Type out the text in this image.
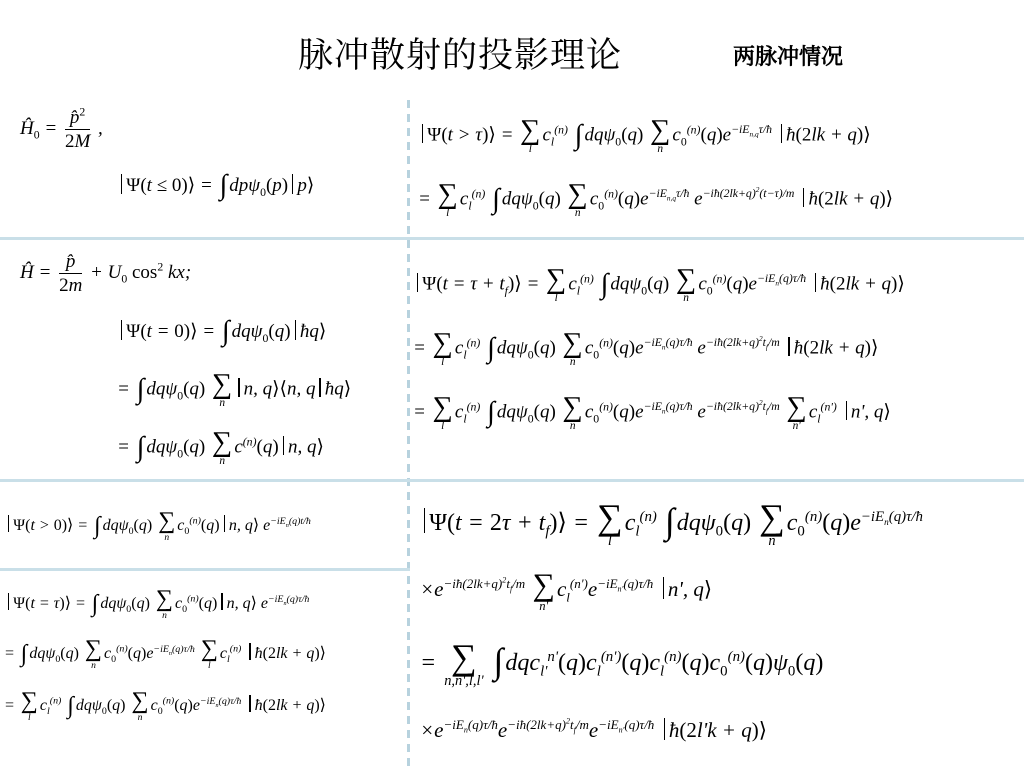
脉冲散射的投影理论	两脉冲情况
$Ĥ_0 = \frac{p̂^2}{2M}$ ,
Ψ(t ≤ 0)⟩ = ∫ dpψ$_0$(p) p⟩
Ψ(t > τ)⟩ = ∑
l
$c_l^{(n)}$ ∫ dqψ$_0$(q) ∑
n
$c_0^{(n)}(q)e^{-iE_{n,q}\tau/ħ}$ ħ(2lk + q)⟩
= ∑
l
$c_l^{(n)}$ ∫ dqψ$_0$(q) ∑
n
$c_0^{(n)}(q)e^{-iE_{n,q}\tau/ħ}$ $e^{-iħ(2lk+q)^2(t-\tau)/m}$ ħ(2lk + q)⟩
Ĥ = $\frac{p̂}{2m} + U_0$ $\cos^2$ kx;
Ψ(t = 0)⟩ = ∫ dqψ$_0$(q) ħq⟩
= ∫ dqψ$_0$(q) ∑
n
n, q⟩⟨n, q ħq⟩
= ∫ dqψ$_0$(q) ∑
n
$c^{(n)}(q)$ n, q⟩
$\Psi(t = \tau + t_f)⟩$ = ∑
l
$c_l^{(n)}$ ∫ dqψ$_0$(q) ∑
n
$c_0^{(n)}(q)e^{-iE_n(q)\tau/ħ}$ ħ(2lk + q)⟩
= ∑
l
$c_l^{(n)}$ ∫ dqψ$_0$(q) ∑
n
$c_0^{(n)}(q)e^{-iE_n(q)\tau/ħ}$ $e^{-iħ(2lk+q)^2t_f/m}$ ħ(2lk + q)⟩
= ∑
l
$c_l^{(n)}$ ∫ dqψ$_0$(q) ∑
n
$c_0^{(n)}(q)e^{-iE_n(q)\tau/ħ}$ $e^{-iħ(2lk+q)^2t_f/m}$ ∑
n'
$c_l^{(n')}$ n', q⟩
Ψ(t > 0)⟩ = ∫ dqψ$_0$(q) ∑
n
$c_0^{(n)}(q)$ n, q⟩ $e^{-iE_n(q)t/ħ}$
Ψ(t = τ)⟩ = ∫ dqψ$_0$(q) ∑
n
$c_0^{(n)}(q)$ n, q⟩ $e^{-iE_n(q)\tau/ħ}$
= ∫ dqψ$_0$(q) ∑
n
$c_0^{(n)}(q)e^{-iE_n(q)\tau/ħ}$ ∑
l
$c_l^{(n)}$ ħ(2lk + q)⟩
= ∑
l
$c_l^{(n)}$ ∫ dqψ$_0$(q) ∑
n
$c_0^{(n)}(q)e^{-iE_n(q)\tau/ħ}$ ħ(2lk + q)⟩
$\Psi(t = 2\tau + t_f)⟩$ = ∑
l
$c_l^{(n)}$ ∫dqψ$_0$(q) ∑
n
$c_0^{(n)}(q)e^{-iE_n(q)\tau/ħ}$
$\times e^{-iħ(2lk+q)^2t_f/m}$ ∑
n'
$c_l^{(n')}e^{-iE_{n'}(q)\tau/ħ}$ n', q⟩
= ∑
n,n',l,l'
$\int dqc_{l'}^{n'}(q)c_l^{(n')}(q)c_l^{(n)}(q)c_0^{(n)}(q)\psi_0(q)$
$\times e^{-iE_n(q)\tau/ħ}e^{-iħ(2lk+q)^2t_f/m}e^{-iE_{n'}(q)\tau/ħ}$ ħ(2l'k + q)⟩
